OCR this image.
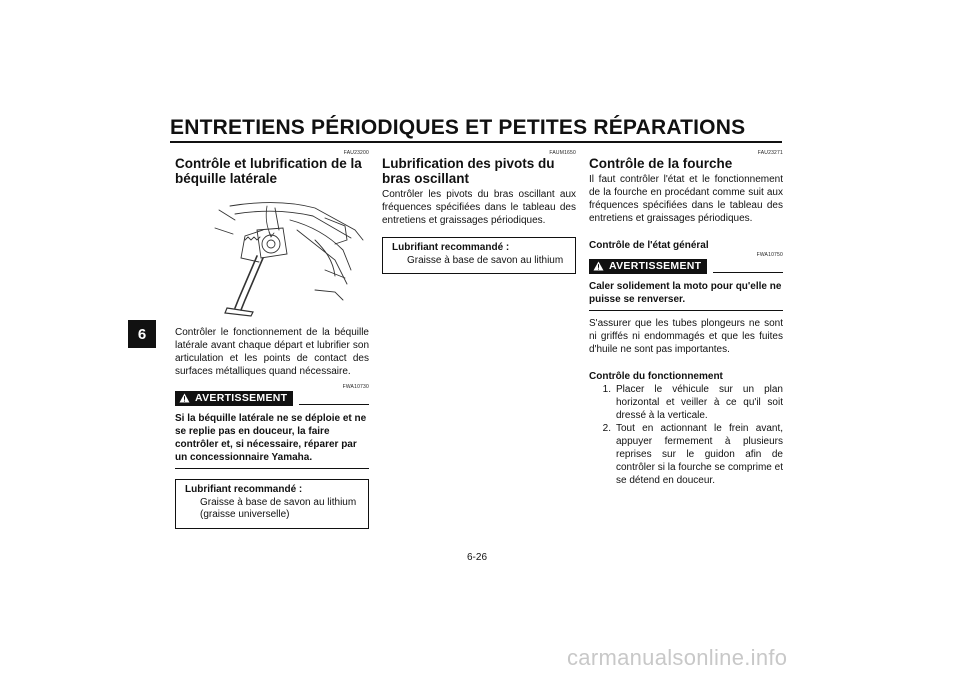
ENTRETIENS PÉRIODIQUES ET PETITES RÉPARATIONS
6
FAU23200
Contrôle et lubrification de la béquille latérale

Contrôler le fonctionnement de la béquille latérale avant chaque départ et lubrifier son articulation et les points de contact des surfaces métalliques quand nécessaire.

FWA10730
AVERTISSEMENT

Si la béquille latérale ne se déploie et ne se replie pas en douceur, la faire contrôler et, si nécessaire, réparer par un concessionnaire Yamaha.

Lubrifiant recommandé :
Graisse à base de savon au lithium
(graisse universelle)
FAUM1650
Lubrification des pivots du bras oscillant

Contrôler les pivots du bras oscillant aux fréquences spécifiées dans le tableau des entretiens et graissages périodiques.

Lubrifiant recommandé :
Graisse à base de savon au lithium
FAU23271
Contrôle de la fourche

Il faut contrôler l'état et le fonctionnement de la fourche en procédant comme suit aux fréquences spécifiées dans le tableau des entretiens et graissages périodiques.

Contrôle de l'état général
FWA10750
AVERTISSEMENT

Caler solidement la moto pour qu'elle ne puisse se renverser.

S'assurer que les tubes plongeurs ne sont ni griffés ni endommagés et que les fuites d'huile ne sont pas importantes.

Contrôle du fonctionnement
1. Placer le véhicule sur un plan horizontal et veiller à ce qu'il soit dressé à la verticale.
2. Tout en actionnant le frein avant, appuyer fermement à plusieurs reprises sur le guidon afin de contrôler si la fourche se comprime et se détend en douceur.
6-26
carmanualsonline.info
